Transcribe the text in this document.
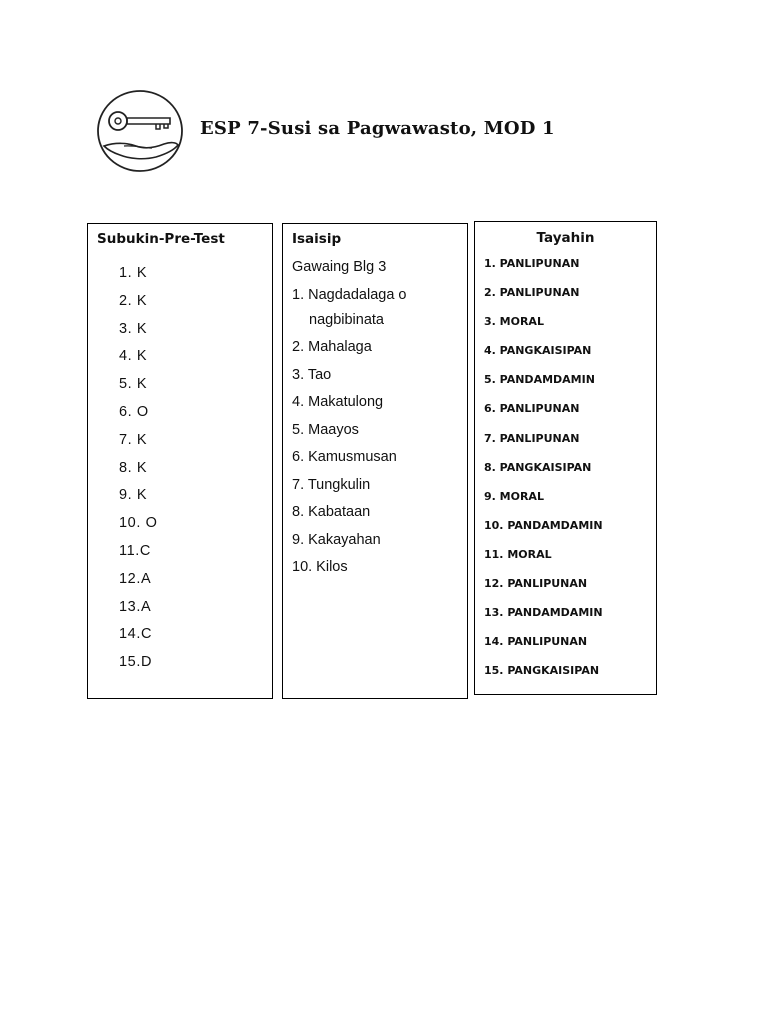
ESP 7-Susi sa Pagwawasto, MOD 1
Subukin-Pre-Test
1. K
2. K
3. K
4. K
5. K
6. O
7. K
8. K
9. K
10. O
11.C
12.A
13.A
14.C
15.D
Isaisip
Gawaing Blg 3
1. Nagdadalaga o
nagbibinata
2. Mahalaga
3. Tao
4. Makatulong
5. Maayos
6. Kamusmusan
7. Tungkulin
8. Kabataan
9. Kakayahan
10. Kilos
Tayahin
1. PANLIPUNAN
2. PANLIPUNAN
3. MORAL
4. PANGKAISIPAN
5. PANDAMDAMIN
6. PANLIPUNAN
7. PANLIPUNAN
8. PANGKAISIPAN
9. MORAL
10. PANDAMDAMIN
11. MORAL
12. PANLIPUNAN
13. PANDAMDAMIN
14. PANLIPUNAN
15. PANGKAISIPAN
